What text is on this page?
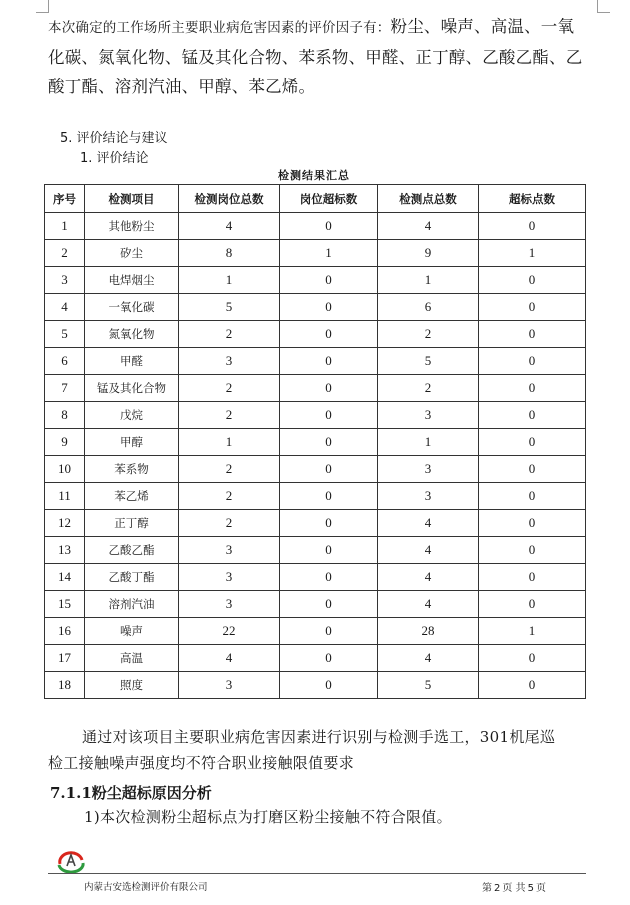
本次确定的工作场所主要职业病危害因素的评价因子有：粉尘、噪声、高温、一氧化碳、氮氧化物、锰及其化合物、苯系物、甲醛、正丁醇、乙酸乙酯、乙酸丁酯、溶剂汽油、甲醇、苯乙烯。
5. 评价结论与建议
1. 评价结论
检测结果汇总
序号	检测项目	检测岗位总数	岗位超标数	检测点总数	超标点数
1	其他粉尘	4	0	4	0
2	矽尘	8	1	9	1
3	电焊烟尘	1	0	1	0
4	一氧化碳	5	0	6	0
5	氮氧化物	2	0	2	0
6	甲醛	3	0	5	0
7	锰及其化合物	2	0	2	0
8	戊烷	2	0	3	0
9	甲醇	1	0	1	0
10	苯系物	2	0	3	0
11	苯乙烯	2	0	3	0
12	正丁醇	2	0	4	0
13	乙酸乙酯	3	0	4	0
14	乙酸丁酯	3	0	4	0
15	溶剂汽油	3	0	4	0
16	噪声	22	0	28	1
17	高温	4	0	4	0
18	照度	3	0	5	0
通过对该项目主要职业病危害因素进行识别与检测手选工，301机尾巡检工接触噪声强度均不符合职业接触限值要求
7.1.1粉尘超标原因分析
1)本次检测粉尘超标点为打磨区粉尘接触不符合限值。
内蒙古安选检测评价有限公司	第 2 页 共 5 页
